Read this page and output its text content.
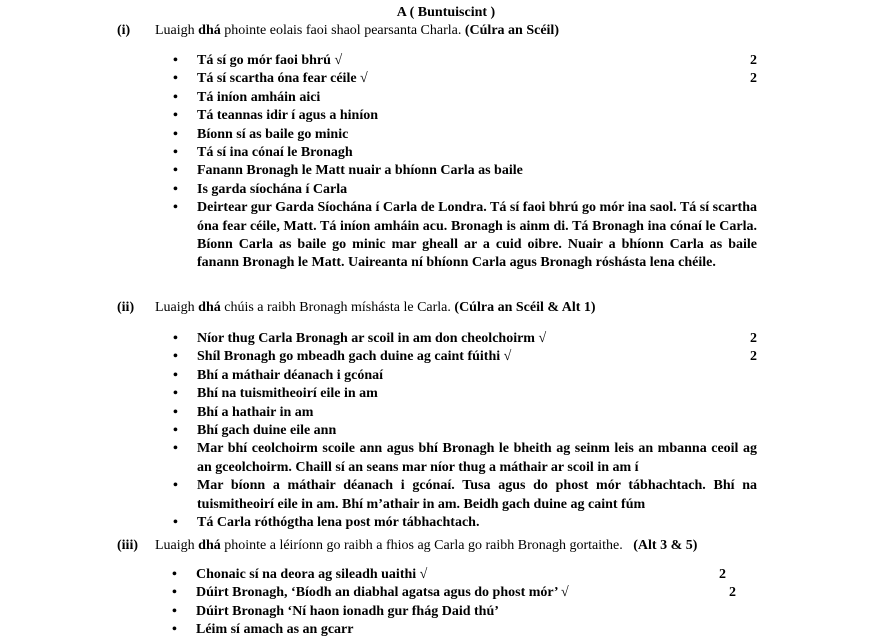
A ( Buntuiscint )
(i) Luaigh dhá phointe eolais faoi shaol pearsanta Charla. (Cúlra an Scéil)
• Tá sí go mór faoi bhrú √	2
• Tá sí scartha óna fear céile √	2
• Tá iníon amháin aici
• Tá teannas idir í agus a hiníon
• Bíonn sí as baile go minic
• Tá sí ina cónaí le Bronagh
• Fanann Bronagh le Matt nuair a bhíonn Carla as baile
• Is garda síochána í Carla
• Deirtear gur Garda Síochána í Carla de Londra. Tá sí faoi bhrú go mór ina saol. Tá sí scartha óna fear céile, Matt. Tá iníon amháin acu. Bronagh is ainm di. Tá Bronagh ina cónaí le Carla. Bíonn Carla as baile go minic mar gheall ar a cuid oibre. Nuair a bhíonn Carla as baile fanann Bronagh le Matt. Uaireanta ní bhíonn Carla agus Bronagh róshásta lena chéile.
(ii) Luaigh dhá chúis a raibh Bronagh míshásta le Carla. (Cúlra an Scéil & Alt 1)
• Níor thug Carla Bronagh ar scoil in am don cheolchoirm √	2
• Shíl Bronagh go mbeadh gach duine ag caint fúithi √	2
• Bhí a máthair déanach i gcónaí
• Bhí na tuismitheoirí eile in am
• Bhí a hathair in am
• Bhí gach duine eile ann
• Mar bhí ceolchoirm scoile ann agus bhí Bronagh le bheith ag seinm leis an mbanna ceoil ag an gceolchoirm. Chaill sí an seans mar níor thug a máthair ar scoil in am í
• Mar bíonn a máthair déanach i gcónaí. Tusa agus do phost mór tábhachtach. Bhí na tuismitheoirí eile in am. Bhí m’athair in am. Beidh gach duine ag caint fúm
• Tá Carla róthógtha lena post mór tábhachtach.
(iii) Luaigh dhá phointe a léiríonn go raibh a fhios ag Carla go raibh Bronagh gortaithe.   (Alt 3 & 5)
• Chonaic sí na deora ag sileadh uaithi √	2
• Dúirt Bronagh, ‘Bíodh an diabhal agatsa agus do phost mór’ √	2
• Dúirt Bronagh ‘Ní haon ionadh gur fhág Daid thú’
• Léim sí amach as an gcarr
